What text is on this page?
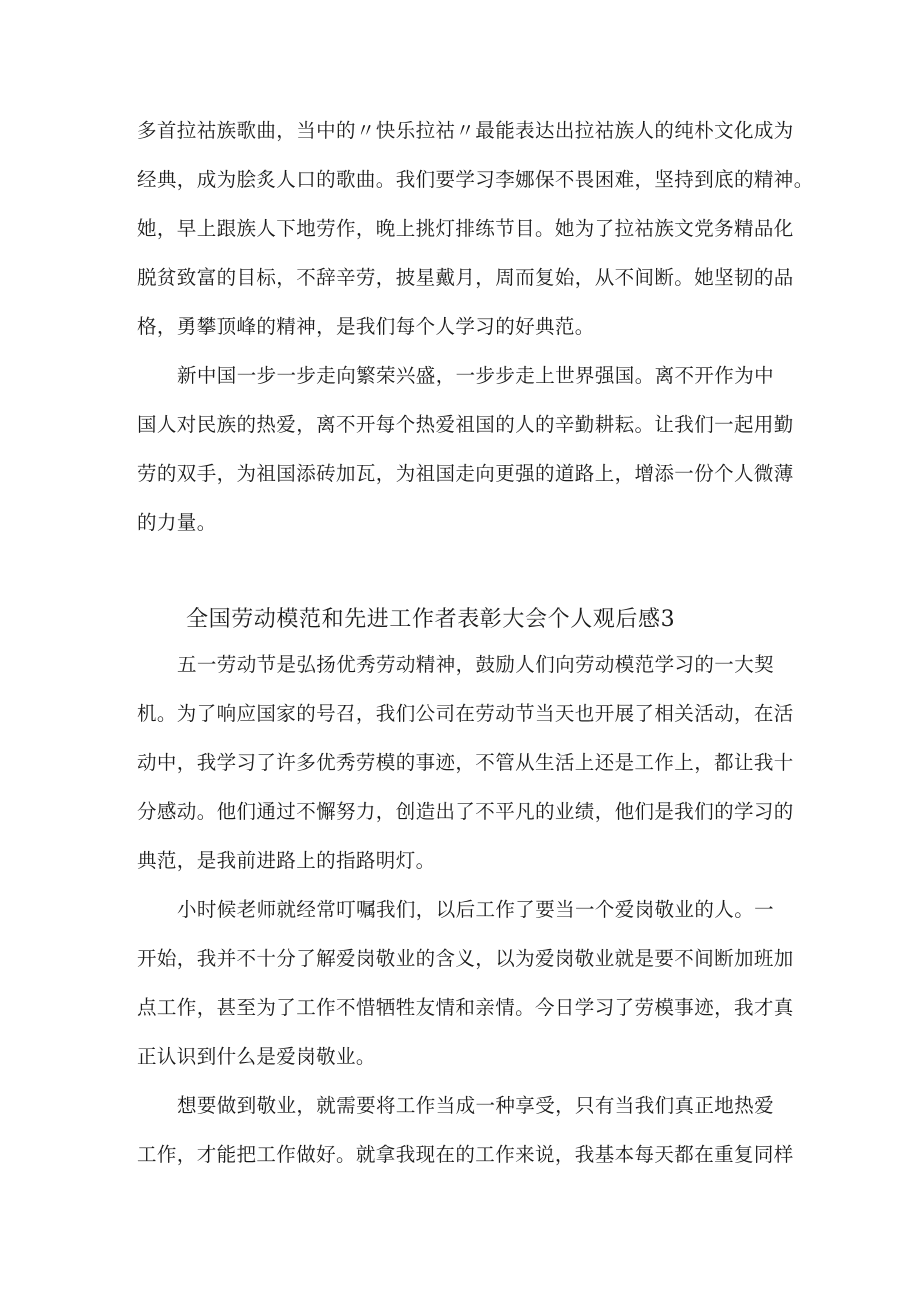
多首拉祜族歌曲，当中的〃快乐拉祜〃最能表达出拉祜族人的纯朴文化成为
经典，成为脍炙人口的歌曲。我们要学习李娜保不畏困难，坚持到底的精神。
她，早上跟族人下地劳作，晚上挑灯排练节目。她为了拉祜族文党务精品化
脱贫致富的目标，不辞辛劳，披星戴月，周而复始，从不间断。她坚韧的品
格，勇攀顶峰的精神，是我们每个人学习的好典范。
新中国一步一步走向繁荣兴盛，一步步走上世界强国。离不开作为中
国人对民族的热爱，离不开每个热爱祖国的人的辛勤耕耘。让我们一起用勤
劳的双手，为祖国添砖加瓦，为祖国走向更强的道路上，增添一份个人微薄
的力量。
全国劳动模范和先进工作者表彰大会个人观后感3
五一劳动节是弘扬优秀劳动精神，鼓励人们向劳动模范学习的一大契
机。为了响应国家的号召，我们公司在劳动节当天也开展了相关活动，在活
动中，我学习了许多优秀劳模的事迹，不管从生活上还是工作上，都让我十
分感动。他们通过不懈努力，创造出了不平凡的业绩，他们是我们的学习的
典范，是我前进路上的指路明灯。
小时候老师就经常叮嘱我们，以后工作了要当一个爱岗敬业的人。一
开始，我并不十分了解爱岗敬业的含义，以为爱岗敬业就是要不间断加班加
点工作，甚至为了工作不惜牺牲友情和亲情。今日学习了劳模事迹，我才真
正认识到什么是爱岗敬业。
想要做到敬业，就需要将工作当成一种享受，只有当我们真正地热爱
工作，才能把工作做好。就拿我现在的工作来说，我基本每天都在重复同样
